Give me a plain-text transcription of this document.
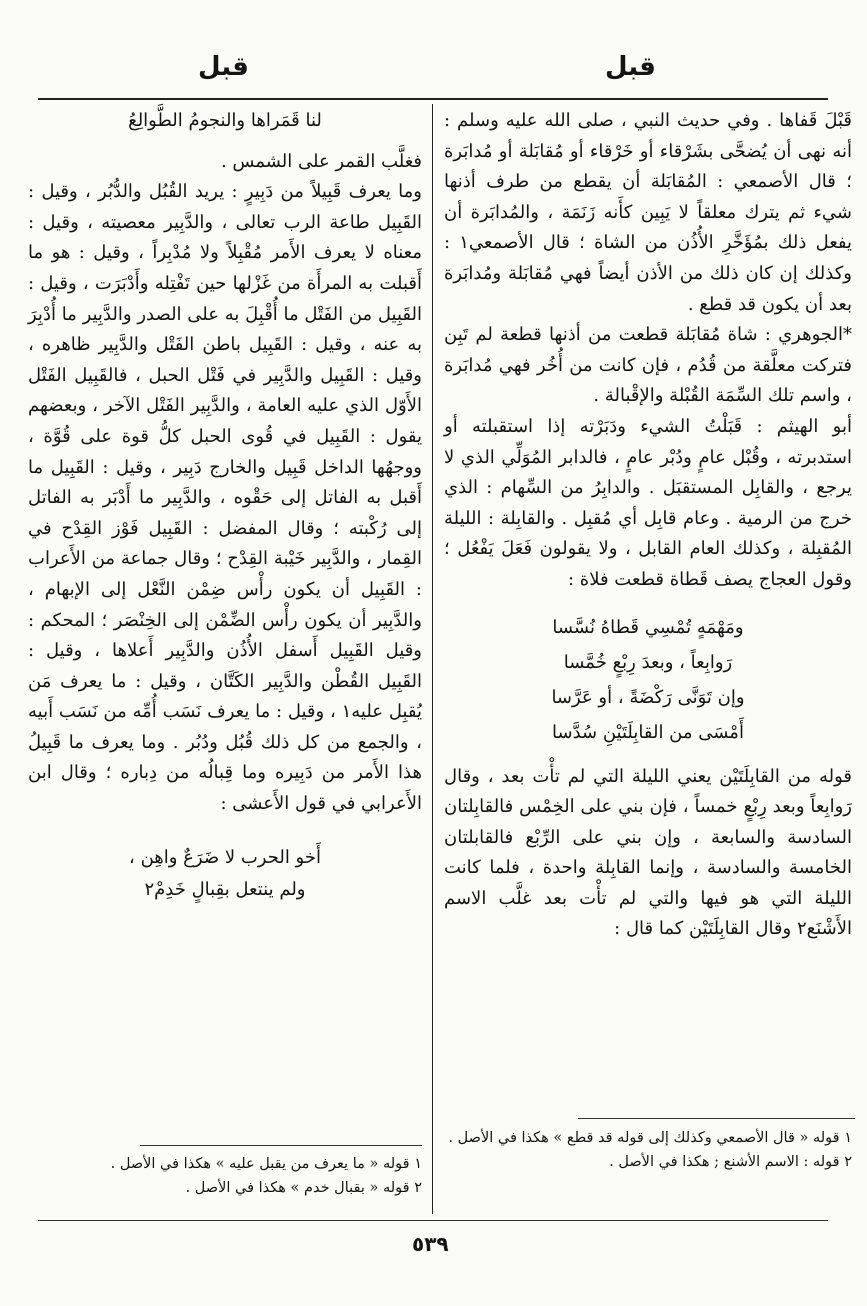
قبل
قبل

قَبْلَ قَفاها . وفي حديث النبي ، صلى الله عليه وسلم : أنه نهى أن يُضحَّى بشَرْقاء أو خَرْقاء أو مُقابَلة أو مُدابَرة ؛ قال الأصمعي : المُقابَلة أن يقطع من طرف أذنها شيء ثم يترك معلقاً لا يَبِين كأَنه زَنَمَة ، والمُدابَرة أن يفعل ذلك بمُؤَخَّرِ الأُذُن من الشاة ؛ قال الأصمعي١ : وكذلك إن كان ذلك من الأذن أيضاً فهي مُقابَلة ومُدابَرة بعد أن يكون قد قطع .

*الجوهري : شاة مُقابَلة قطعت من أذنها قطعة لم تَبِن فتركت معلَّقة من قُدُم ، فإن كانت من أُخُر فهي مُدابَرة ، واسم تلك السِّمَة القُبْلة والإقْبالة .

أبو الهيثم : قَبَلْتُ الشيء ودَبَرْته إذا استقبلته أو استدبرته ، وقُبْل عامٍ ودُبْر عامٍ ، فالدابر المُوَلِّي الذي لا يرجع ، والقابِل المستقبَل . والدابِرُ من السِّهام : الذي خرج من الرمية . وعام قابِل أي مُقبِل . والقابِلة : الليلة المُقبِلة ، وكذلك العام القابل ، ولا يقولون فَعَلَ يَفْعُل ؛ وقول العجاج يصف قَطاة قطعت فلاة :

ومَهْمَهٍ تُمْسِي قَطاهُ نُسَّسا

رَوابِعاً ، وبعدَ رِبْعٍ خُمَّسا

وإن تَوَنَّى رَكْضَةً ، أو عَرَّسا

أَمْسَى من القابِلَتَيْنِ سُدَّسا

قوله من القابِلَتَيْن يعني الليلة التي لم تأْت بعد ، وقال رَوابِعاً وبعد رِبْعٍ خمساً ، فإن بني على الخِمْس فالقابِلتان السادسة والسابعة ، وإن بني على الرِّبْع فالقابلتان الخامسة والسادسة ، وإنما القابِلة واحدة ، فلما كانت الليلة التي هو فيها والتي لم تأْت بعد غلَّب الاسم الأَشْنَع٢ وقال القابِلَتَيْن كما قال :

لنا قَمَراها والنجومُ الطَّوالِعُ

فغلَّب القمر على الشمس .

وما يعرف قَبِيلاً من دَبِيرٍ : يريد القُبُل والدُّبُر ، وقيل : القَبِيل طاعة الرب تعالى ، والدَّبِير معصيته ، وقيل : معناه لا يعرف الأَمر مُقْبِلاً ولا مُدْبِراً ، وقيل : هو ما أَقبلت به المرأَة من غَزْلها حين تَفْتِله وأَدْبَرَت ، وقيل : القَبِيل من الفَتْل ما أُقْبِلَ به على الصدر والدَّبِير ما أُدْبِرَ به عنه ، وقيل : القَبِيل باطن الفَتْل والدَّبِير ظاهره ، وقيل : القَبِيل والدَّبِير في فَتْل الحبل ، فالقَبِيل الفَتْل الأَوّل الذي عليه العامة ، والدَّبِير الفَتْل الآخر ، وبعضهم يقول : القَبِيل في قُوى الحبل كلُّ قوة على قُوَّة ، ووجهُها الداخل قَبِيل والخارج دَبِير ، وقيل : القَبِيل ما أَقبل به الفاتل إلى حَقْوه ، والدَّبِير ما أَدْبَر به الفاتل إلى رُكْبته ؛ وقال المفضل : القَبِيل فَوْز القِدْح في القِمار ، والدَّبِير خَيْبة القِدْح ؛ وقال جماعة من الأَعراب : القَبِيل أن يكون رأْس ضِمْن النَّعْل إلى الإبهام ، والدَّبِير أن يكون رأْس الضِّمْن إلى الخِنْصَر ؛ المحكم : وقيل القَبِيل أَسفل الأُذُن والدَّبِير أَعلاها ، وقيل : القَبِيل القُطْن والدَّبِير الكَتَّان ، وقيل : ما يعرف مَن يُقبِل عليه١ ، وقيل : ما يعرف نَسَب أُمِّه من نَسَب أَبيه ، والجمع من كل ذلك قُبُل ودُبُر . وما يعرف ما قَبِيلُ هذا الأَمر من دَبِيره وما قِبالُه من دِباره ؛ وقال ابن الأَعرابي في قول الأَعشى :

أَخو الحرب لا ضَرَعٌ واهِن ،

ولم ينتعل بقِبالٍ خَدِمْ٢

١ قوله « قال الأصمعي وكذلك إلى قوله قد قطع » هكذا في الأصل .

٢ قوله : الاسم الأشنع ; هكذا في الأصل .

١ قوله « ما يعرف من يقبل عليه » هكذا في الأصل .

٢ قوله « بقبال خدم » هكذا في الأصل .

٥٣٩
